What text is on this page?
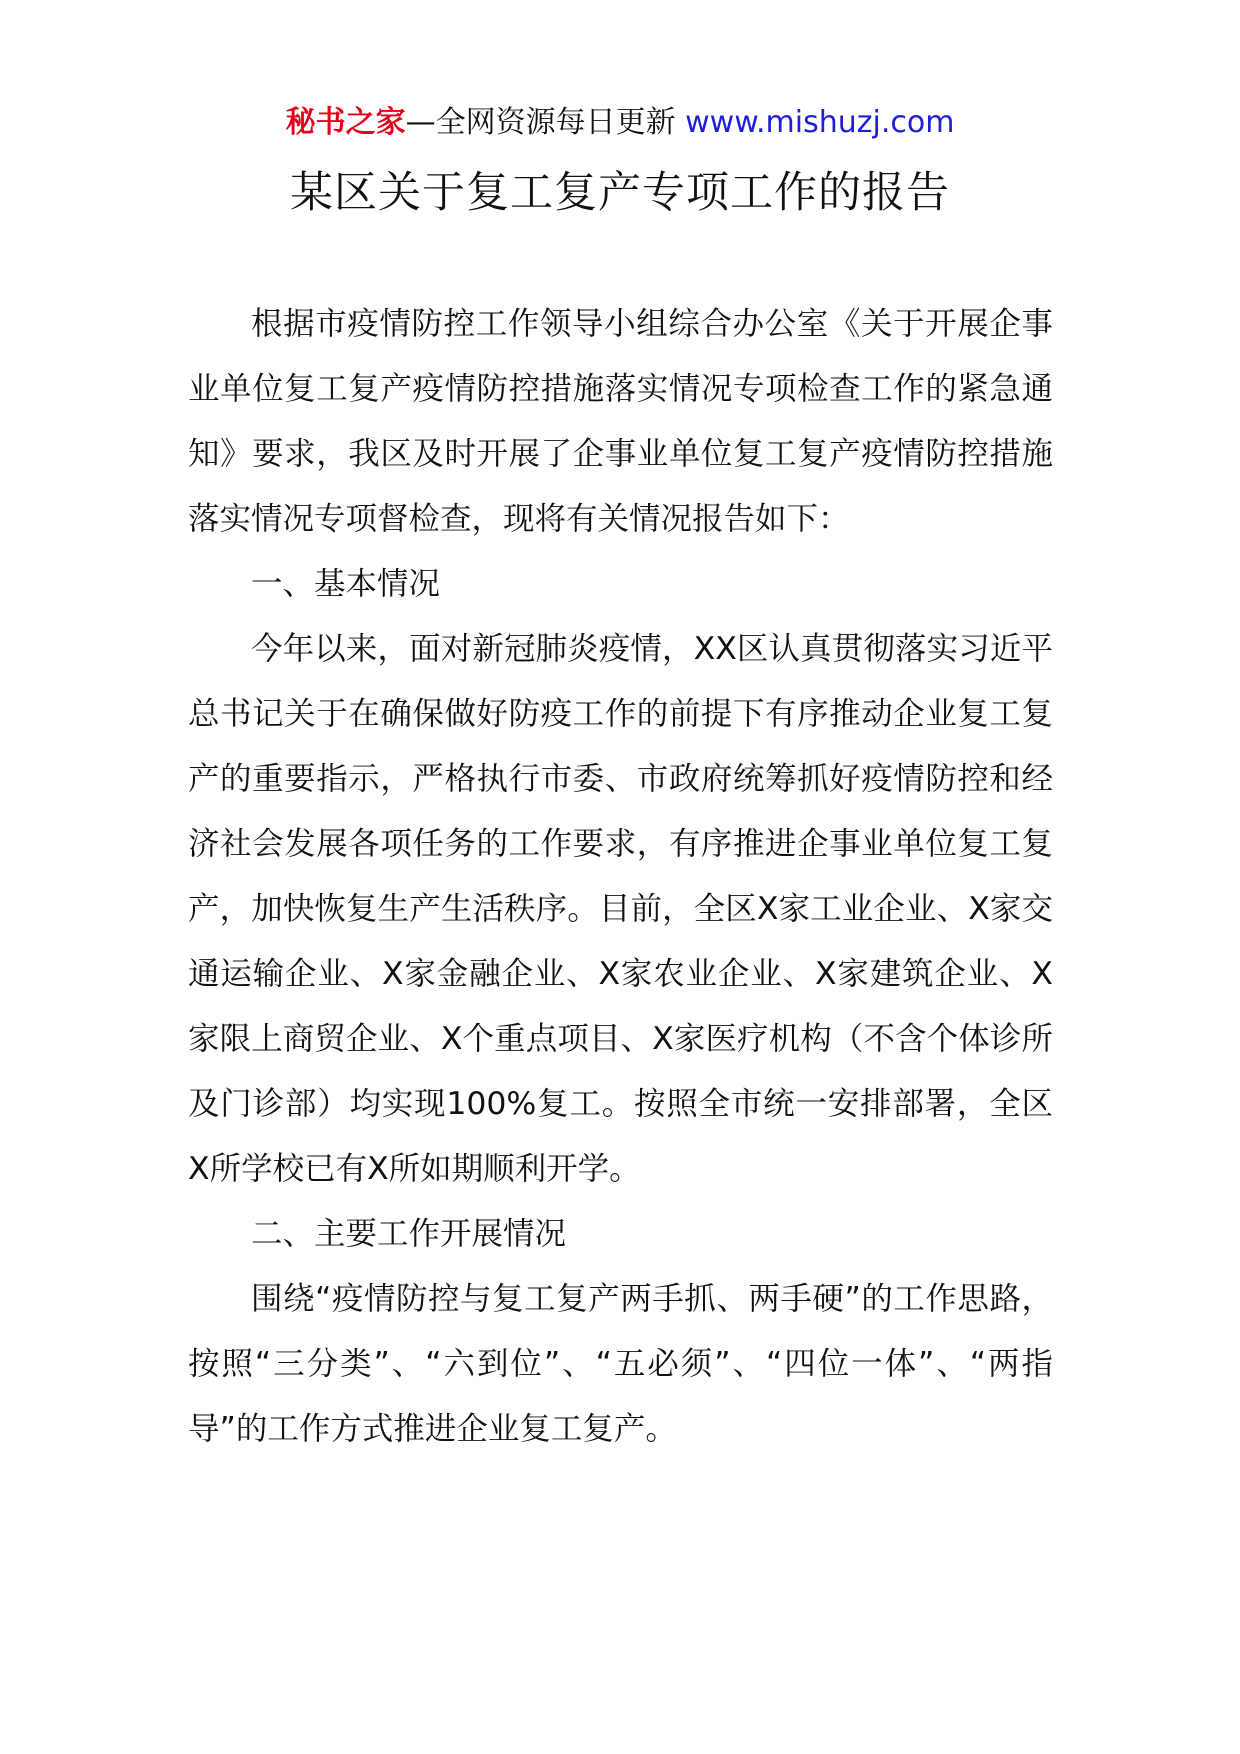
秘书之家—全网资源每日更新 www.mishuzj.com
某区关于复工复产专项工作的报告

根据市疫情防控工作领导小组综合办公室《关于开展企事业单位复工复产疫情防控措施落实情况专项检查工作的紧急通知》要求，我区及时开展了企事业单位复工复产疫情防控措施落实情况专项督检查，现将有关情况报告如下：

一、基本情况

今年以来，面对新冠肺炎疫情，XX区认真贯彻落实习近平总书记关于在确保做好防疫工作的前提下有序推动企业复工复产的重要指示，严格执行市委、市政府统筹抓好疫情防控和经济社会发展各项任务的工作要求，有序推进企事业单位复工复产，加快恢复生产生活秩序。目前，全区X家工业企业、X家交通运输企业、X家金融企业、X家农业企业、X家建筑企业、X家限上商贸企业、X个重点项目、X家医疗机构（不含个体诊所及门诊部）均实现100%复工。按照全市统一安排部署，全区X所学校已有X所如期顺利开学。

二、主要工作开展情况

围绕“疫情防控与复工复产两手抓、两手硬”的工作思路，按照“三分类”、“六到位”、“五必须”、“四位一体”、“两指导”的工作方式推进企业复工复产。
